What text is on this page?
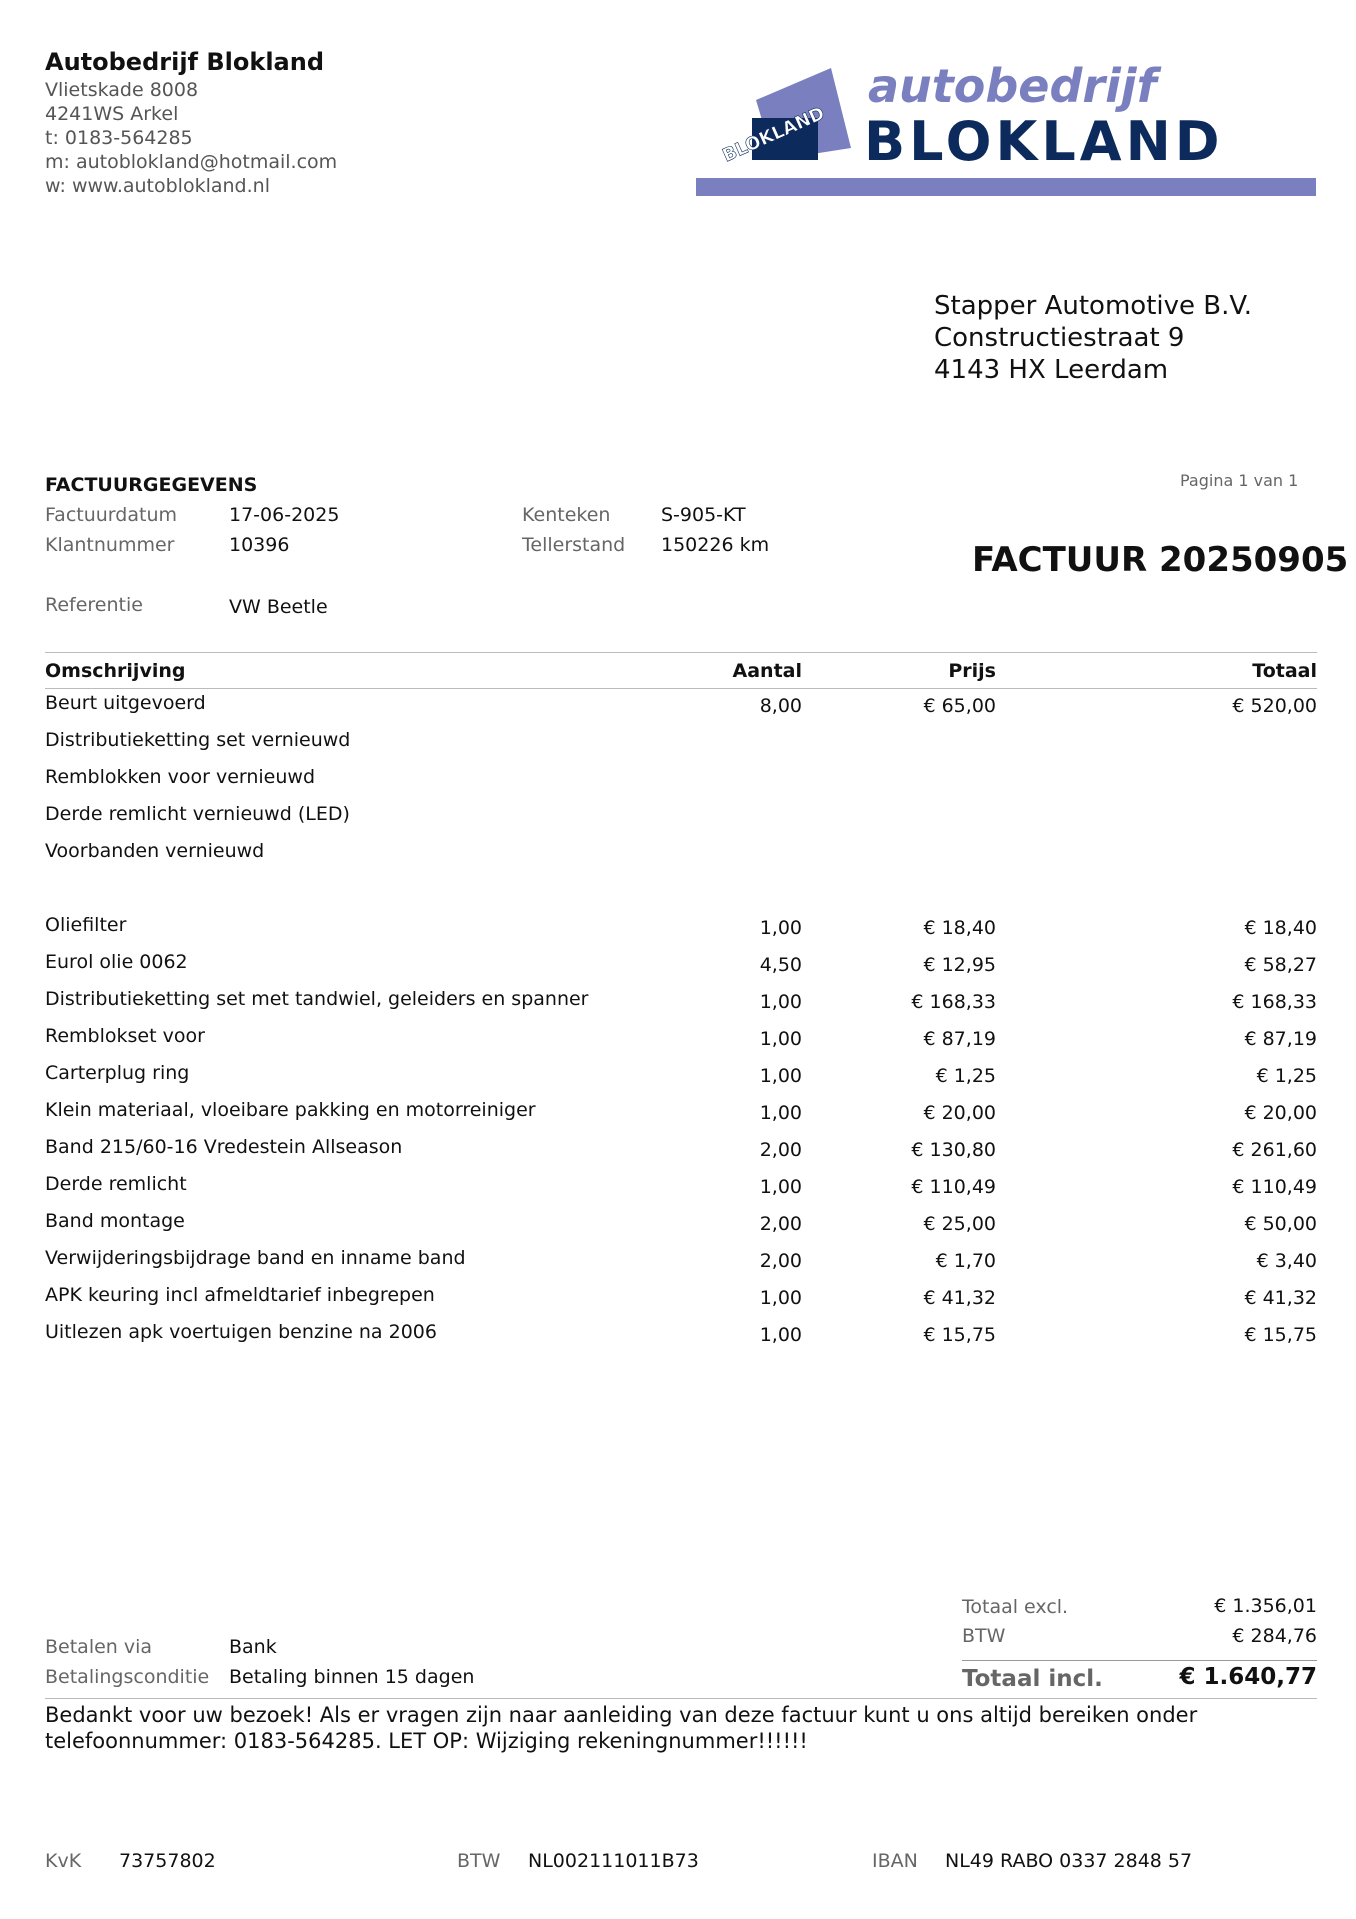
Autobedrijf Blokland
Vlietskade 8008
4241WS Arkel
t: 0183-564285
m: autoblokland@hotmail.com
w: www.autoblokland.nl
BLOKLAND
autobedrijf
BLOKLAND
Stapper Automotive B.V.
Constructiestraat 9
4143 HX Leerdam
FACTUURGEGEVENS	Pagina 1 van 1
Factuurdatum	17-06-2025
Klantnummer	10396
Kenteken	S-905-KT
Tellerstand 150226 km	FACTUUR 20250905
Referentie	VW Beetle
Omschrijving	Aantal	Prijs	Totaal
Beurt uitgevoerd	8,00	€ 65,00	€ 520,00
Distributieketting set vernieuwd
Remblokken voor vernieuwd
Derde remlicht vernieuwd (LED)
Voorbanden vernieuwd
Oliefilter	1,00	€ 18,40	€ 18,40
Eurol olie 0062	4,50	€ 12,95	€ 58,27
Distributieketting set met tandwiel, geleiders en spanner	1,00	€ 168,33	€ 168,33
Remblokset voor	1,00	€ 87,19	€ 87,19
Carterplug ring	1,00	€ 1,25	€ 1,25
Klein materiaal, vloeibare pakking en motorreiniger	1,00	€ 20,00	€ 20,00
Band 215/60-16 Vredestein Allseason	2,00	€ 130,80	€ 261,60
Derde remlicht	1,00	€ 110,49	€ 110,49
Band montage	2,00	€ 25,00	€ 50,00
Verwijderingsbijdrage band en inname band	2,00	€ 1,70	€ 3,40
APK keuring incl afmeldtarief inbegrepen	1,00	€ 41,32	€ 41,32
Uitlezen apk voertuigen benzine na 2006	1,00	€ 15,75	€ 15,75
Totaal excl.	€ 1.356,01
BTW	€ 284,76
Totaal incl.	€ 1.640,77
Betalen via	Bank
Betalingsconditie Betaling binnen 15 dagen
Bedankt voor uw bezoek! Als er vragen zijn naar aanleiding van deze factuur kunt u ons altijd bereiken onder telefoonnummer: 0183-564285. LET OP: Wijziging rekeningnummer!!!!!!
KvK 73757802	BTW NL002111011B73	IBAN NL49 RABO 0337 2848 57
